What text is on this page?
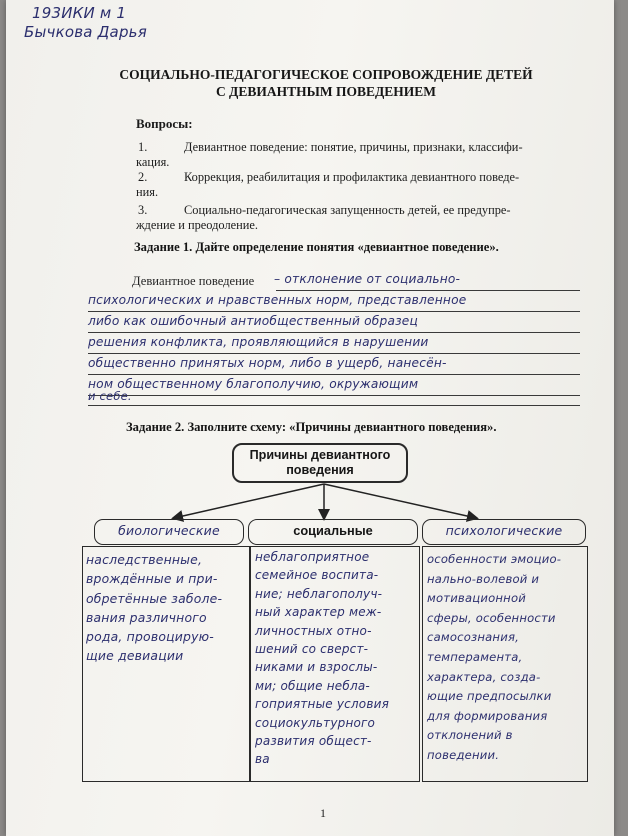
193ИКИ м 1
Бычкова Дарья
СОЦИАЛЬНО-ПЕДАГОГИЧЕСКОЕ СОПРОВОЖДЕНИЕ ДЕТЕЙ
С ДЕВИАНТНЫМ ПОВЕДЕНИЕМ
Вопросы:
1.	Девиантное поведение: понятие, причины, признаки, классифи-
кация.
2.	Коррекция, реабилитация и профилактика девиантного поведе-
ния.
3.	Социально-педагогическая запущенность детей, ее предупре-
ждение и преодоление.
Задание 1. Дайте определение понятия «девиантное поведение».
Девиантное поведение – отклонение от социально-
психологических и нравственных норм, представленное
либо как ошибочный антиобщественный образец
решения конфликта, проявляющийся в нарушении
общественно принятых норм, либо в ущерб, нанесён-
ном общественному благополучию, окружающим
и себе.
Задание 2. Заполните схему: «Причины девиантного поведения».
Причины девиантного
поведения
биологические	социальные	психологические
наследственные,
врождённые и при-
обретённые заболе-
вания различного
рода, провоцирую-
щие девиации
неблагоприятное
семейное воспита-
ние; неблагополуч-
ный характер меж-
личностных отно-
шений со сверст-
никами и взрослы-
ми; общие небла-
гоприятные условия
социокультурного
развития общест-
ва
особенности эмоцио-
нально-волевой и
мотивационной
сферы, особенности
самосознания,
темперамента,
характера, созда-
ющие предпосылки
для формирования
отклонений в
поведении.
1
